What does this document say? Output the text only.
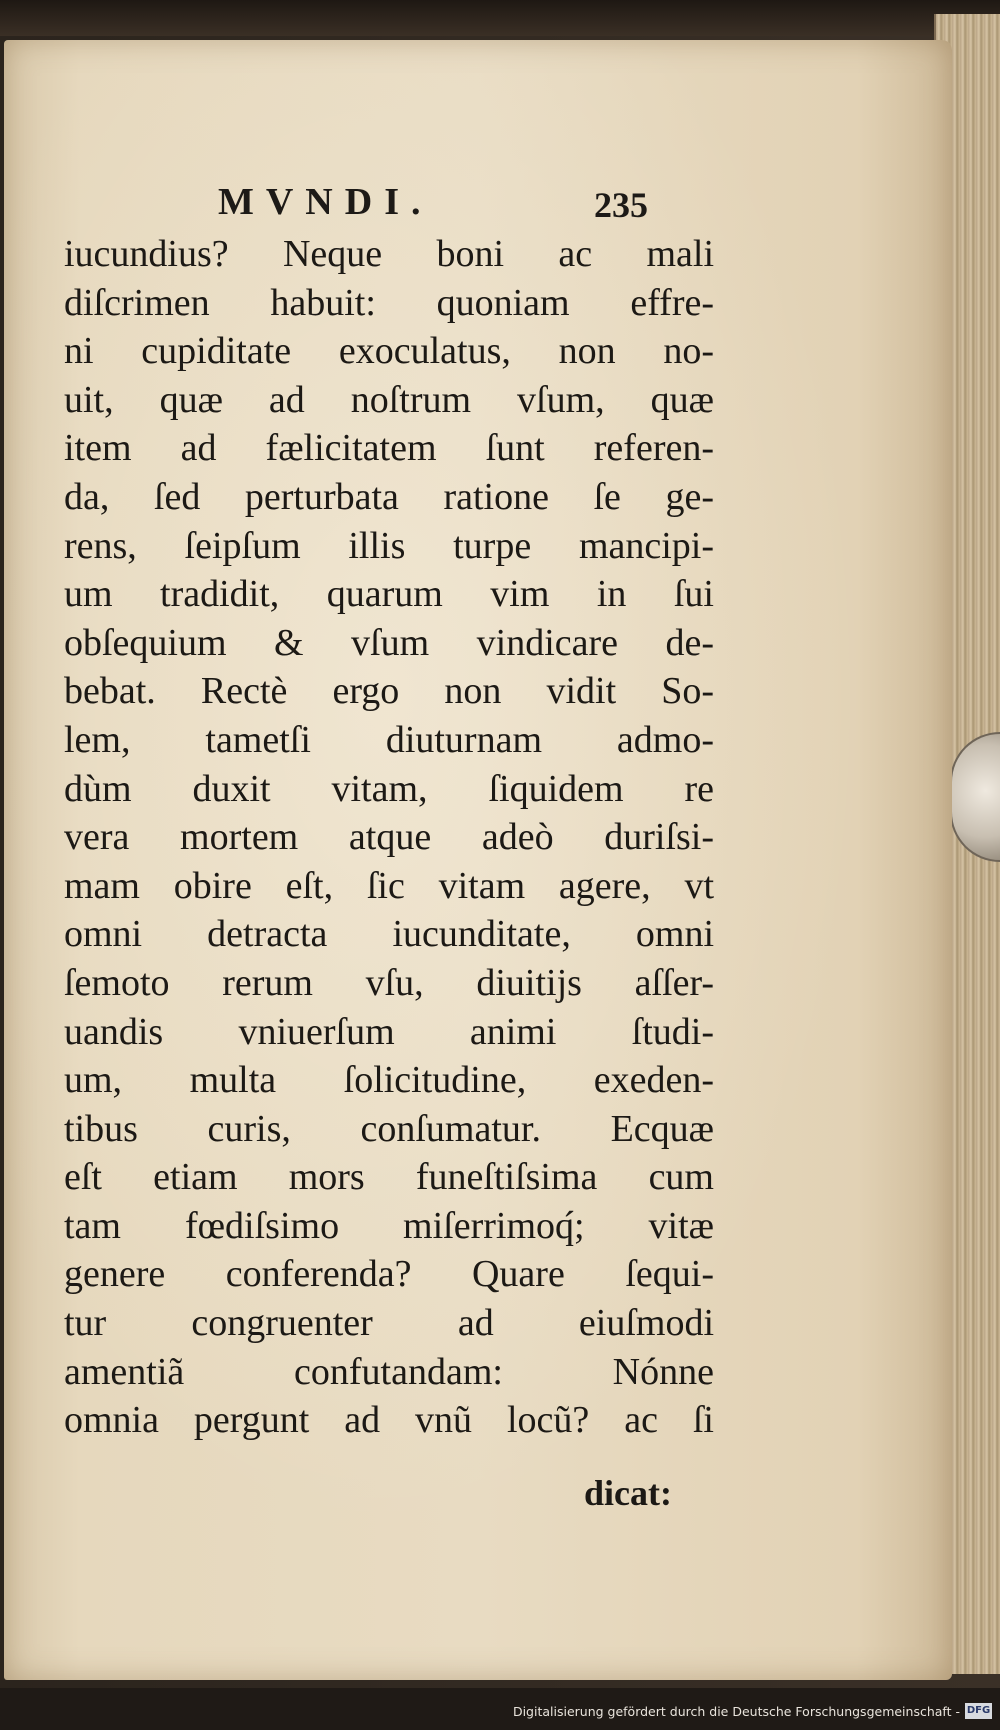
MVNDI.	235
iucundius? Neque boni ac mali
diſcrimen habuit: quoniam effre-
ni cupiditate exoculatus, non no-
uit, quæ ad noſtrum vſum, quæ
item ad fælicitatem ſunt referen-
da, ſed perturbata ratione ſe ge-
rens, ſeipſum illis turpe mancipi-
um tradidit, quarum vim in ſui
obſequium & vſum vindicare de-
bebat. Rectè ergo non vidit So-
lem, tametſi diuturnam admo-
dùm duxit vitam, ſiquidem re
vera mortem atque adeò duriſsi-
mam obire eſt, ſic vitam agere, vt
omni detracta iucunditate, omni
ſemoto rerum vſu, diuitijs aſſer-
uandis vniuerſum animi ſtudi-
um, multa ſolicitudine, exeden-
tibus curis, conſumatur. Ecquæ
eſt etiam mors funeſtiſsima cum
tam fœdiſsimo miſerrimoq́; vitæ
genere conferenda? Quare ſequi-
tur congruenter ad eiuſmodi
amentiã confutandam: Nónne
omnia pergunt ad vnũ locũ? ac ſi
dicat:
Digitalisierung gefördert durch die Deutsche Forschungsgemeinschaft - DFG
